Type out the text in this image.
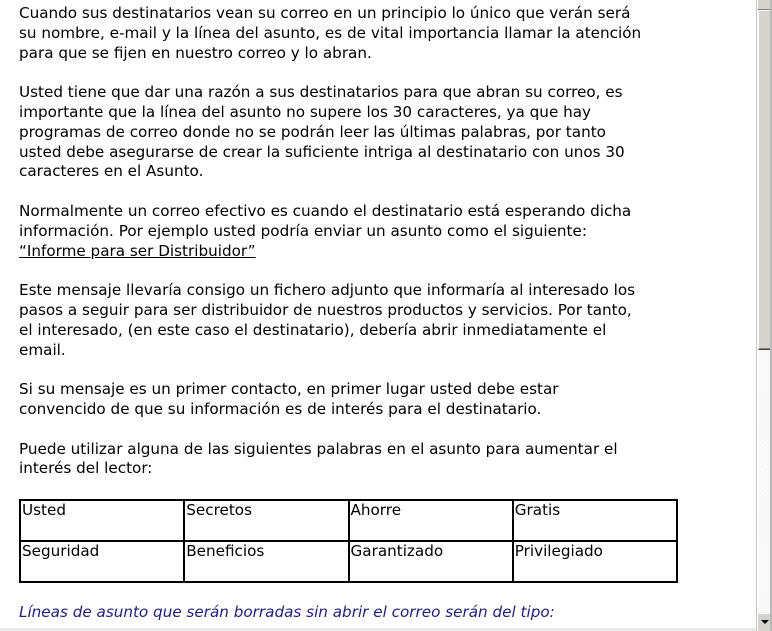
Cuando sus destinatarios vean su correo en un principio lo único que verán será
su nombre, e-mail y la línea del asunto, es de vital importancia llamar la atención
para que se fijen en nuestro correo y lo abran.

Usted tiene que dar una razón a sus destinatarios para que abran su correo, es
importante que la línea del asunto no supere los 30 caracteres, ya que hay
programas de correo donde no se podrán leer las últimas palabras, por tanto
usted debe asegurarse de crear la suficiente intriga al destinatario con unos 30
caracteres en el Asunto.

Normalmente un correo efectivo es cuando el destinatario está esperando dicha
información. Por ejemplo usted podría enviar un asunto como el siguiente:
“Informe para ser Distribuidor”

Este mensaje llevaría consigo un fichero adjunto que informaría al interesado los
pasos a seguir para ser distribuidor de nuestros productos y servicios. Por tanto,
el interesado, (en este caso el destinatario), debería abrir inmediatamente el
email.

Si su mensaje es un primer contacto, en primer lugar usted debe estar
convencido de que su información es de interés para el destinatario.

Puede utilizar alguna de las siguientes palabras en el asunto para aumentar el
interés del lector:

Usted	Secretos	Ahorre	Gratis
Seguridad	Beneficios	Garantizado	Privilegiado
Líneas de asunto que serán borradas sin abrir el correo serán del tipo:
